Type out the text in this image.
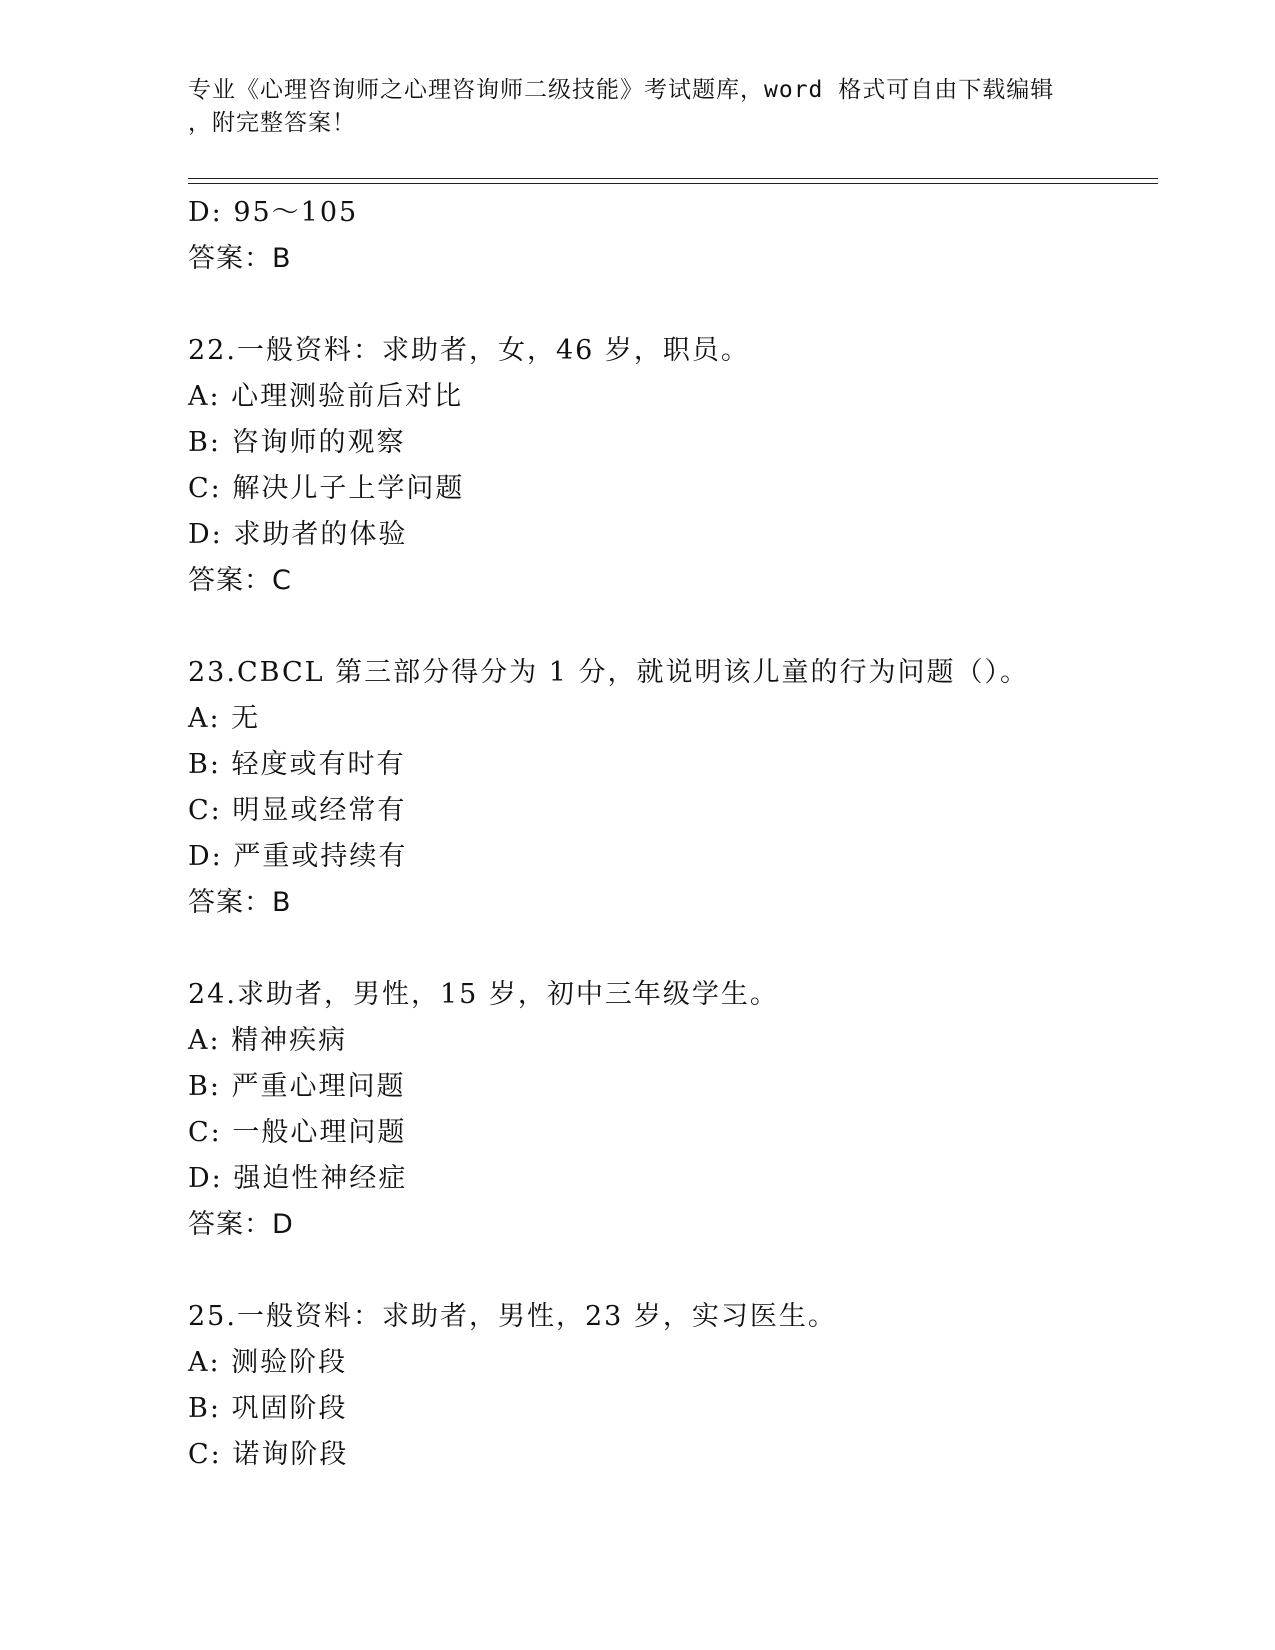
专业《心理咨询师之心理咨询师二级技能》考试题库，word 格式可自由下载编辑
，附完整答案！
D: 95～105
答案：B
22.一般资料：求助者，女，46 岁，职员。
A: 心理测验前后对比
B: 咨询师的观察
C: 解决儿子上学问题
D: 求助者的体验
答案：C
23.CBCL 第三部分得分为 1 分，就说明该儿童的行为问题（）。
A: 无
B: 轻度或有时有
C: 明显或经常有
D: 严重或持续有
答案：B
24.求助者，男性，15 岁，初中三年级学生。
A: 精神疾病
B: 严重心理问题
C: 一般心理问题
D: 强迫性神经症
答案：D
25.一般资料：求助者，男性，23 岁，实习医生。
A: 测验阶段
B: 巩固阶段
C: 诺询阶段
